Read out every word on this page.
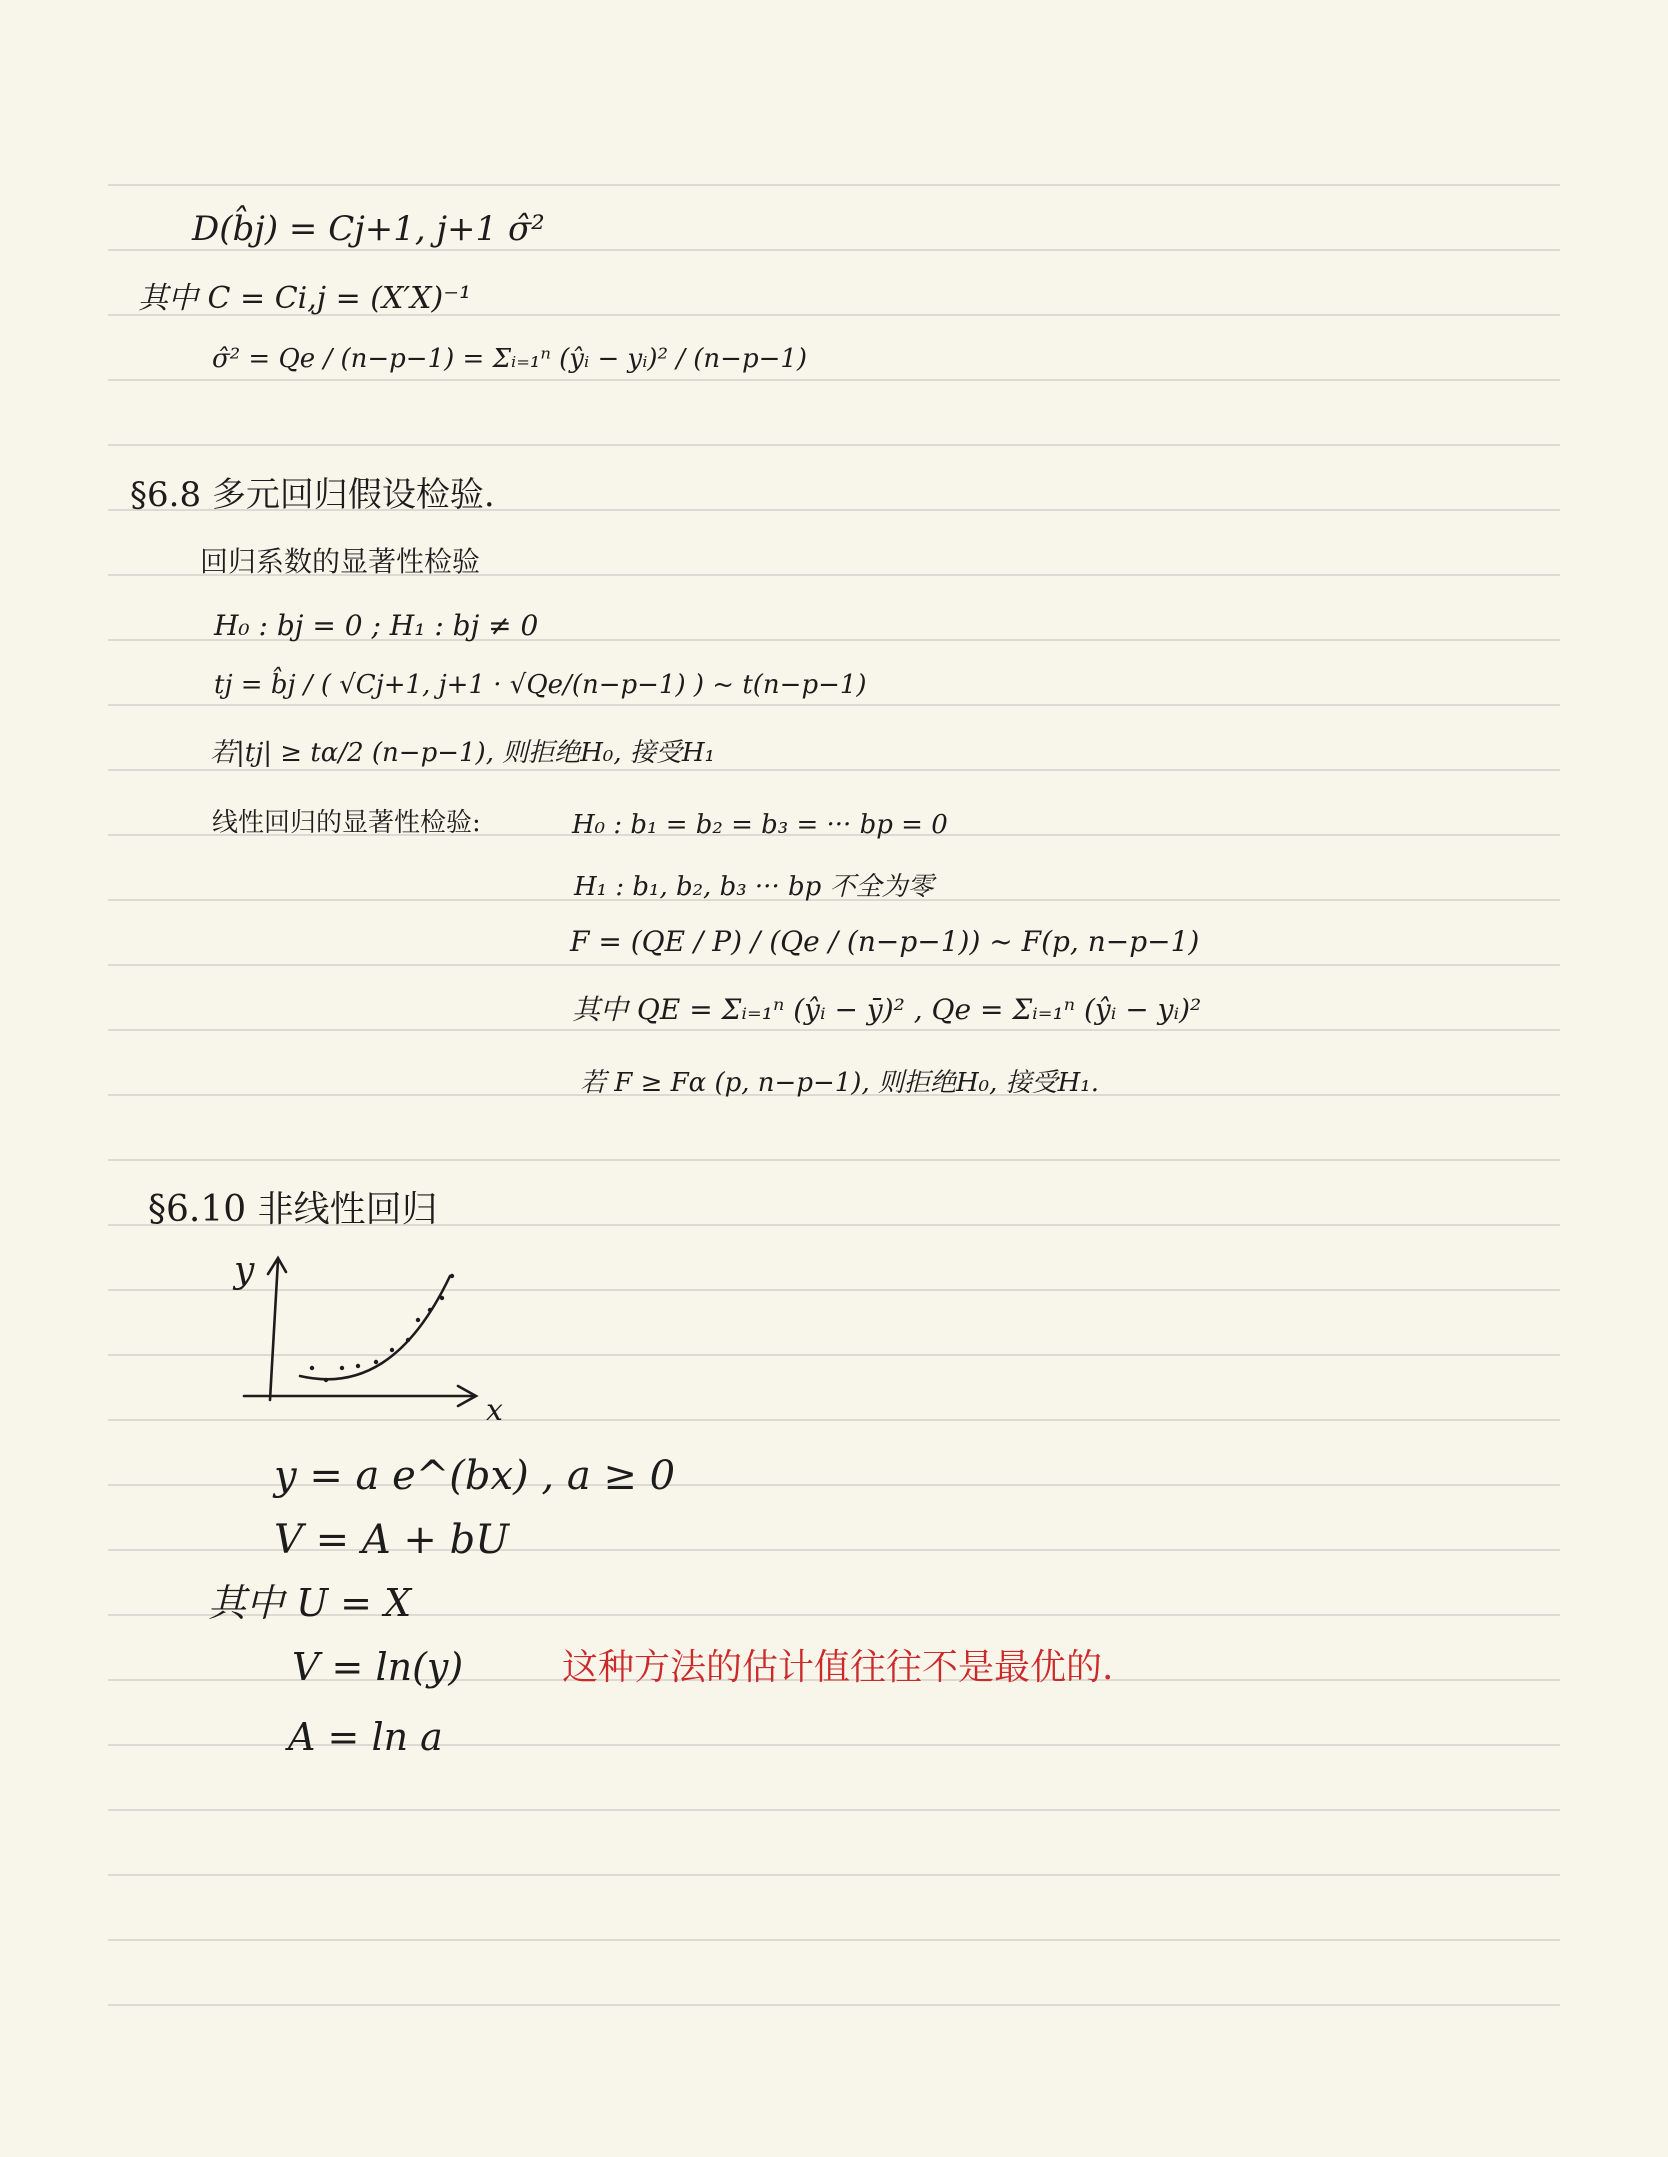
D(b̂j) = Cj+1, j+1 σ̂²
其中 C = Ci,j = (X′X)⁻¹
σ̂² = Qe / (n−p−1) = Σᵢ₌₁ⁿ (ŷᵢ − yᵢ)² / (n−p−1)
§6.8 多元回归假设检验.
回归系数的显著性检验
H₀ : bj = 0 ; H₁ : bj ≠ 0
tj = b̂j / ( √Cj+1, j+1 · √Qe/(n−p−1) ) ~ t(n−p−1)
若|tj| ≥ tα/2 (n−p−1), 则拒绝H₀, 接受H₁
线性回归的显著性检验:	H₀ : b₁ = b₂ = b₃ = ··· bp = 0
H₁ : b₁, b₂, b₃ ··· bp 不全为零
F = (QE / P) / (Qe / (n−p−1)) ~ F(p, n−p−1)
其中 QE = Σᵢ₌₁ⁿ (ŷᵢ − ȳ)² , Qe = Σᵢ₌₁ⁿ (ŷᵢ − yᵢ)²
若 F ≥ Fα (p, n−p−1), 则拒绝H₀, 接受H₁.
§6.10 非线性回归
y
x
y = a e^(bx) , a ≥ 0
V = A + bU
其中 U = X
V = ln(y)	这种方法的估计值往往不是最优的.
A = ln a
